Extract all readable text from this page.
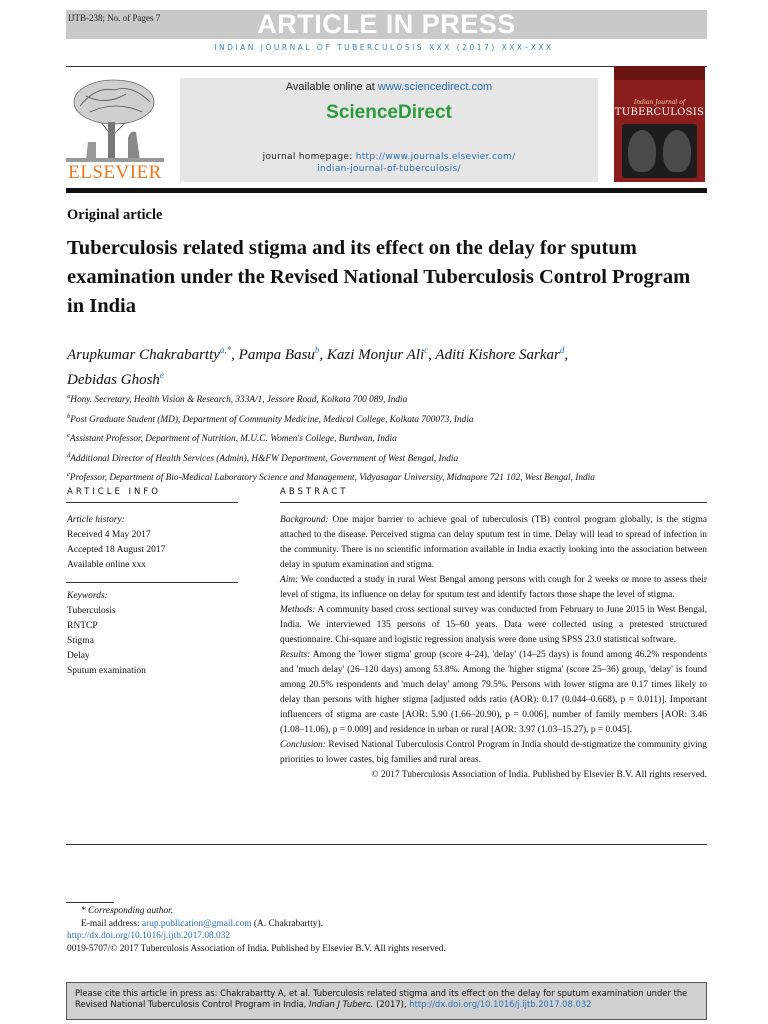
IJTB-238; No. of Pages 7	ARTICLE IN PRESS
INDIAN JOURNAL OF TUBERCULOSIS XXX (2017) XXX–XXX
ELSEVIER
Available online at www.sciencedirect.com
ScienceDirect
journal homepage: http://www.journals.elsevier.com/
indian-journal-of-tuberculosis/
Indian Journal of
TUBERCULOSIS
Original article
Tuberculosis related stigma and its effect on the delay for sputum examination under the Revised National Tuberculosis Control Program in India
Arupkumar Chakrabartty$^{a,*}$, Pampa Basu$^b$, Kazi Monjur Ali$^c$, Aditi Kishore Sarkar$^d$,
Debidas Ghosh$^e$
$^a$Hony. Secretary, Health Vision & Research, 333A/1, Jessore Road, Kolkata 700 089, India
$^b$Post Graduate Student (MD), Department of Community Medicine, Medical College, Kolkata 700073, India
$^c$Assistant Professor, Department of Nutrition, M.U.C. Women's College, Burdwan, India
$^d$Additional Director of Health Services (Admin), H&FW Department, Government of West Bengal, India
$^e$Professor, Department of Bio-Medical Laboratory Science and Management, Vidyasagar University, Midnapore 721 102, West Bengal, India
ARTICLE INFO
Article history:
Received 4 May 2017
Accepted 18 August 2017
Available online xxx
Keywords:
Tuberculosis
RNTCP
Stigma
Delay
Sputum examination
ABSTRACT

Background: One major barrier to achieve goal of tuberculosis (TB) control program globally, is the stigma attached to the disease. Perceived stigma can delay sputum test in time. Delay will lead to spread of infection in the community. There is no scientific information available in India exactly looking into the association between delay in sputum examination and stigma.

Aim: We conducted a study in rural West Bengal among persons with cough for 2 weeks or more to assess their level of stigma, its influence on delay for sputum test and identify factors those shape the level of stigma.

Methods: A community based cross sectional survey was conducted from February to June 2015 in West Bengal, India. We interviewed 135 persons of 15–60 years. Data were collected using a pretested structured questionnaire. Chi-square and logistic regression analysis were done using SPSS 23.0 statistical software.

Results: Among the 'lower stigma' group (score 4–24), 'delay' (14–25 days) is found among 46.2% respondents and 'much delay' (26–120 days) among 53.8%. Among the 'higher stigma' (score 25–36) group, 'delay' is found among 20.5% respondents and 'much delay' among 79.5%. Persons with lower stigma are 0.17 times likely to delay than persons with higher stigma [adjusted odds ratio (AOR): 0.17 (0.044–0.668), p = 0.011)]. Important influencers of stigma are caste [AOR: 5.90 (1.66–20.90), p = 0.006], number of family members [AOR: 3.46 (1.08–11.06), p = 0.009] and residence in urban or rural [AOR: 3.97 (1.03–15.27), p = 0.045].

Conclusion: Revised National Tuberculosis Control Program in India should de-stigmatize the community giving priorities to lower castes, big families and rural areas.

© 2017 Tuberculosis Association of India. Published by Elsevier B.V. All rights reserved.

* Corresponding author.
E-mail address: arup.publication@gmail.com (A. Chakrabartty).
http://dx.doi.org/10.1016/j.ijtb.2017.08.032
0019-5707/© 2017 Tuberculosis Association of India. Published by Elsevier B.V. All rights reserved.
Please cite this article in press as: Chakrabartty A, et al. Tuberculosis related stigma and its effect on the delay for sputum examination under the Revised National Tuberculosis Control Program in India, Indian J Tuberc. (2017), http://dx.doi.org/10.1016/j.ijtb.2017.08.032
